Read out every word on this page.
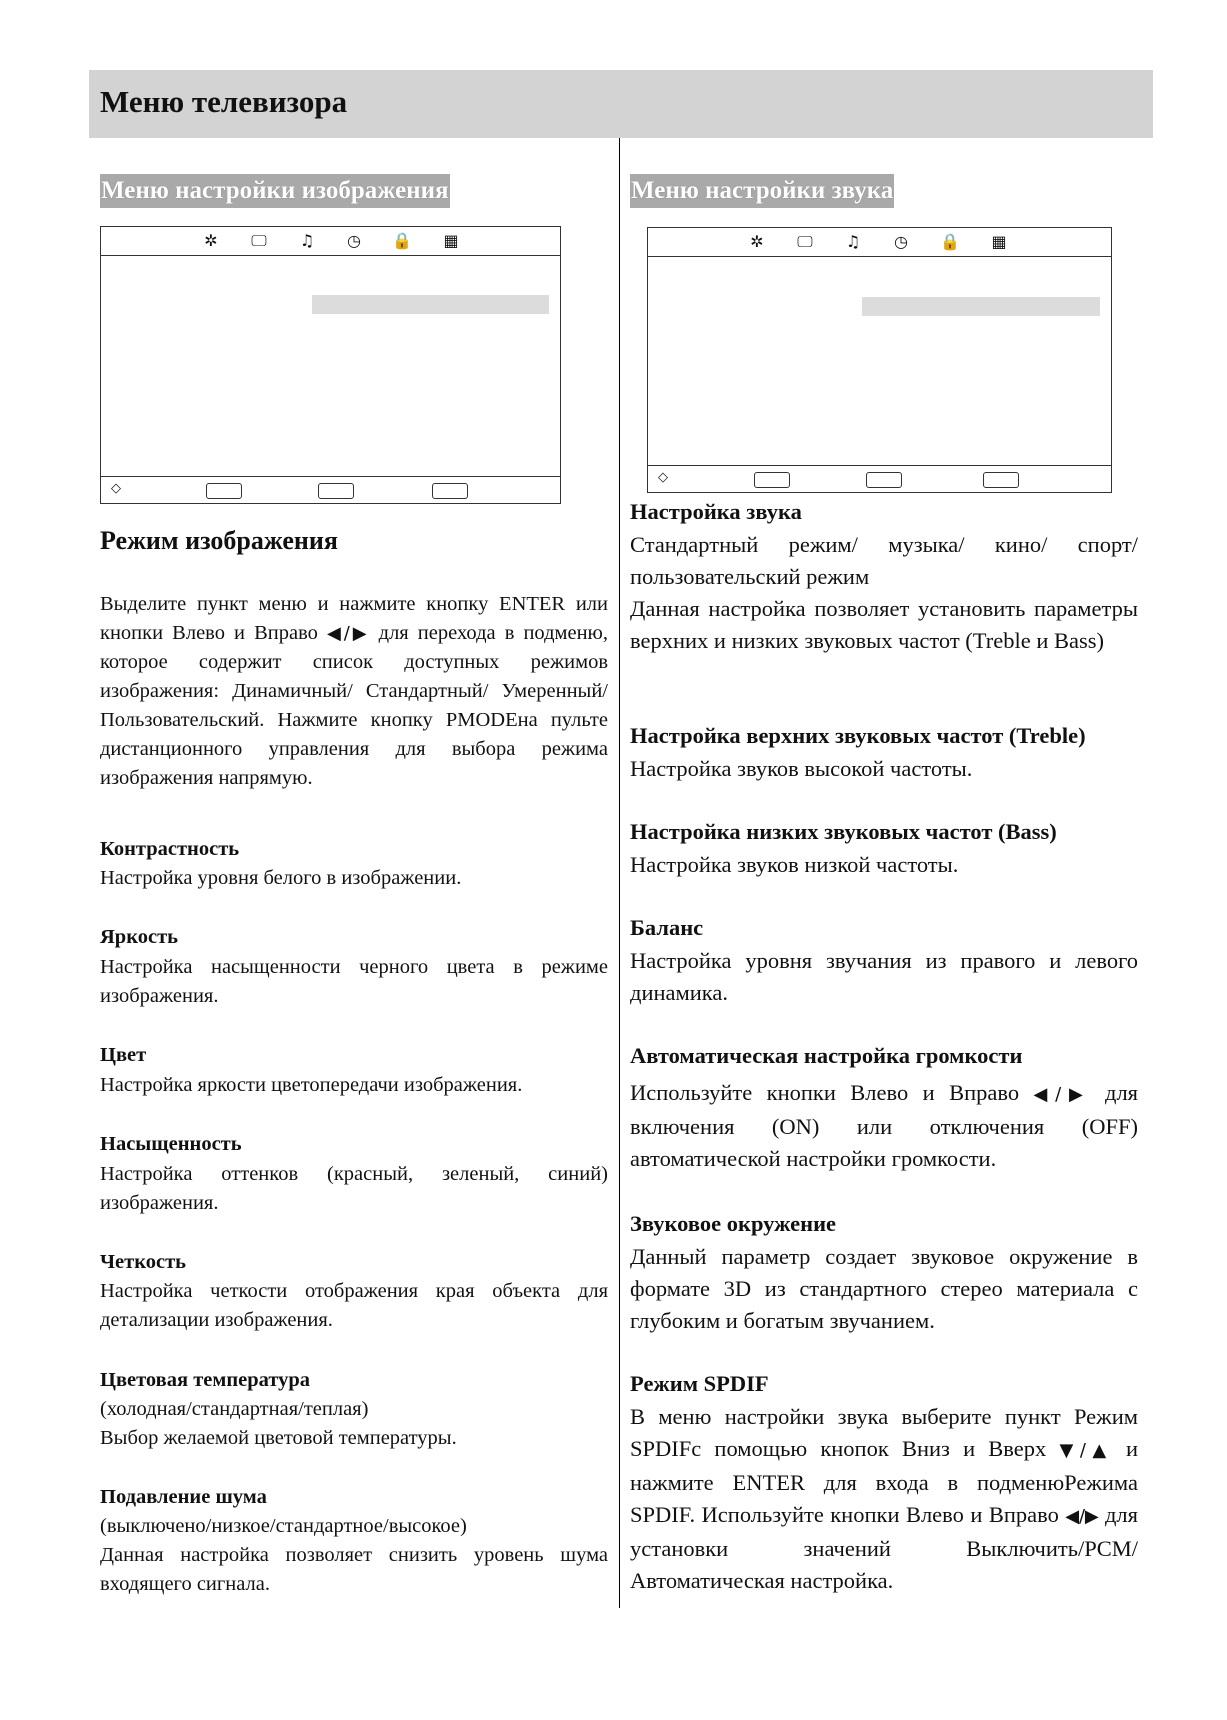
Меню телевизора
Меню настройки изображения
✲ 🖵 ♫ ◷ 🔒 ▦
◇
Режим изображения

Выделите пункт меню и нажмите кнопку ENTER или кнопки Влево и Вправо ◀/▶ для перехода в подменю, которое содержит список доступных режимов изображения: Динамичный/ Стандартный/ Умеренный/ Пользовательский. Нажмите кнопку PMODEна пульте дистанционного управления для выбора режима изображения напрямую.

Контрастность

Настройка уровня белого в изображении.

Яркость

Настройка насыщенности черного цвета в режиме изображения.

Цвет

Настройка яркости цветопередачи изображения.

Насыщенность

Настройка оттенков (красный, зеленый, синий) изображения.

Четкость

Настройка четкости отображения края объекта для детализации изображения.

Цветовая температура

(холодная/стандартная/теплая)

Выбор желаемой цветовой температуры.

Подавление шума

(выключено/низкое/стандартное/высокое)

Данная настройка позволяет снизить уровень шума входящего сигнала.

Меню настройки звука
✲ 🖵 ♫ ◷ 🔒 ▦
◇
Настройка звука

Стандартный режим/ музыка/ кино/ спорт/ пользовательский режим

Данная настройка позволяет установить параметры верхних и низких звуковых частот (Treble и Bass)

Настройка верхних звуковых частот (Treble)

Настройка звуков высокой частоты.

Настройка низких звуковых частот (Bass)

Настройка звуков низкой частоты.

Баланс

Настройка уровня звучания из правого и левого динамика.

Автоматическая настройка громкости

Используйте кнопки Влево и Вправо ◀/▶ для включения (ON) или отключения (OFF) автоматической настройки громкости.

Звуковое окружение

Данный параметр создает звуковое окружение в формате 3D из стандартного стерео материала с глубоким и богатым звучанием.

Режим SPDIF

В меню настройки звука выберите пункт Режим SPDIFс помощью кнопок Вниз и Вверх ▼/▲ и нажмите ENTER для входа в подменюРежима SPDIF. Используйте кнопки Влево и Вправо ◀/▶ для установки значений Выключить/PCM/Автоматическая настройка.
